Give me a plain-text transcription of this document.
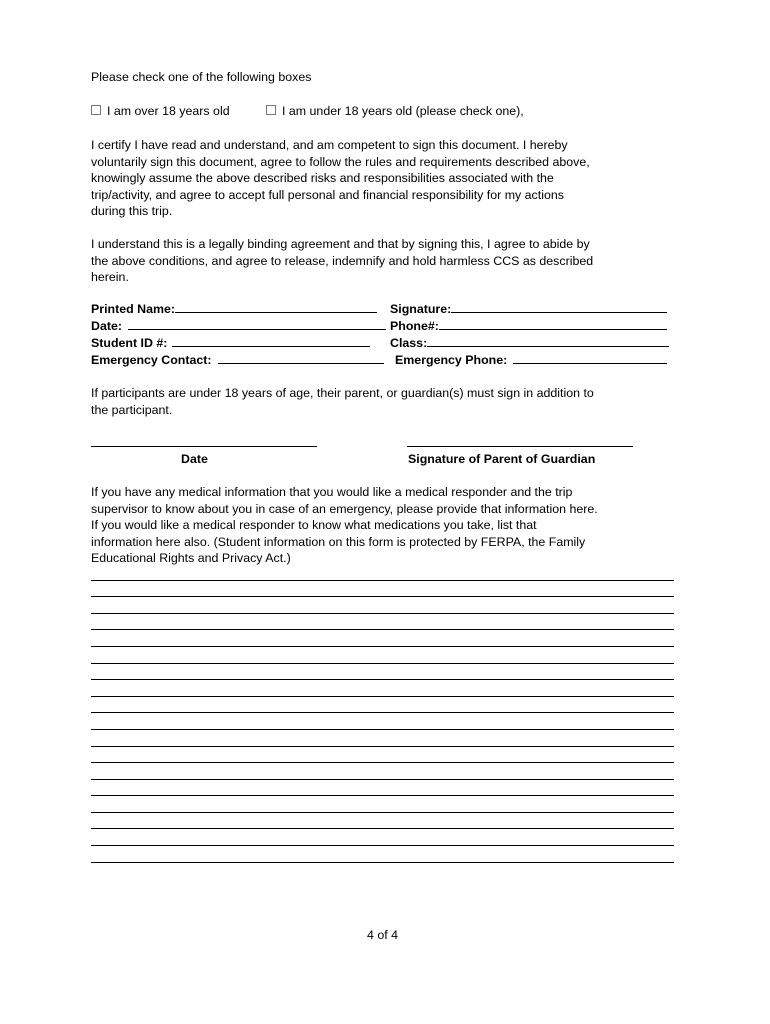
Please check one of the following boxes
I am over 18 years old	I am under 18 years old (please check one),
I certify I have read and understand, and am competent to sign this document. I hereby
voluntarily sign this document, agree to follow the rules and requirements described above,
knowingly assume the above described risks and responsibilities associated with the
trip/activity, and agree to accept full personal and financial responsibility for my actions
during this trip.
I understand this is a legally binding agreement and that by signing this, I agree to abide by
the above conditions, and agree to release, indemnify and hold harmless CCS as described
herein.
Printed Name:	Signature:
Date:	Phone#:
Student ID #:	Class:
Emergency Contact:	Emergency Phone:
If participants are under 18 years of age, their parent, or guardian(s) must sign in addition to
the participant.
Date	Signature of Parent of Guardian
If you have any medical information that you would like a medical responder and the trip
supervisor to know about you in case of an emergency, please provide that information here.
If you would like a medical responder to know what medications you take, list that
information here also. (Student information on this form is protected by FERPA, the Family
Educational Rights and Privacy Act.)
4 of 4
